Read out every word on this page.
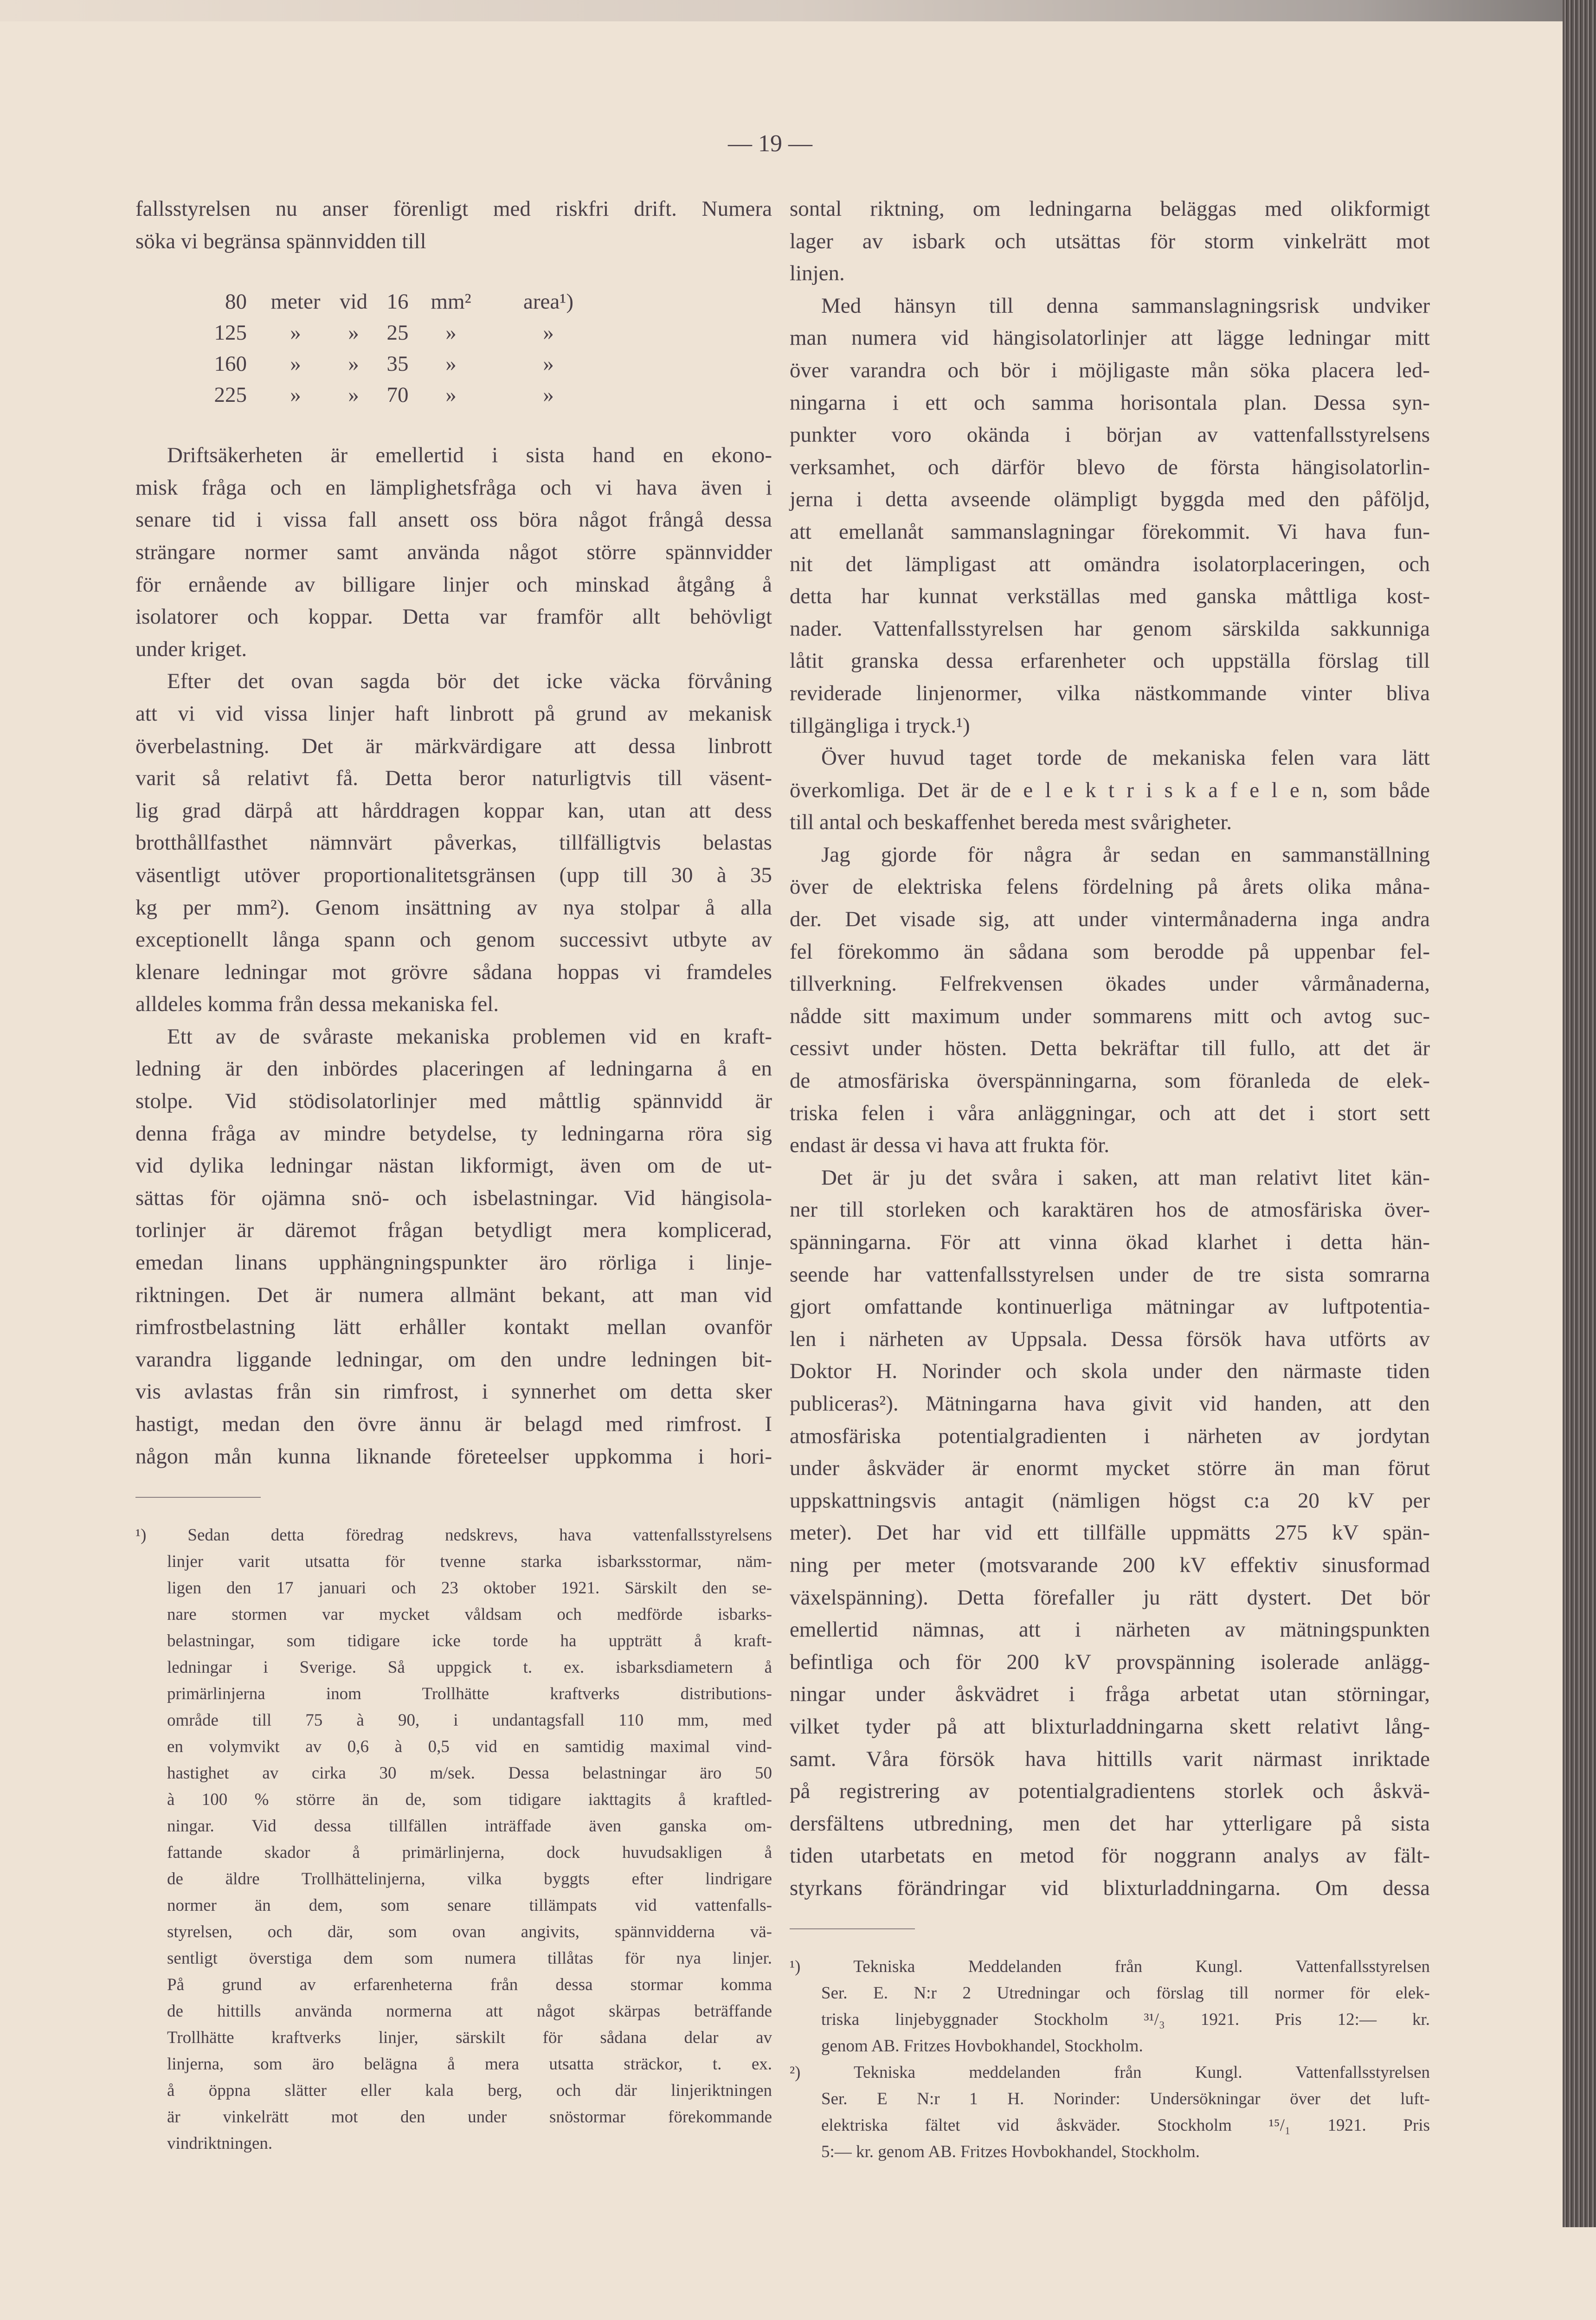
— 19 —
fallsstyrelsen nu anser förenligt med riskfri drift. Numera
söka vi begränsa spännvidden till
80	meter vid 16	mm²	area¹)
125	»	»	25	»	»
160	»	»	35	»	»
225	»	»	70	»	»
Driftsäkerheten är emellertid i sista hand en ekono-
misk fråga och en lämplighetsfråga och vi hava även i
senare tid i vissa fall ansett oss böra något frångå dessa
strängare normer samt använda något större spännvidder
för ernående av billigare linjer och minskad åtgång å
isolatorer och koppar. Detta var framför allt behövligt
under kriget.
Efter det ovan sagda bör det icke väcka förvåning
att vi vid vissa linjer haft linbrott på grund av mekanisk
överbelastning. Det är märkvärdigare att dessa linbrott
varit så relativt få. Detta beror naturligtvis till väsent-
lig grad därpå att hårddragen koppar kan, utan att dess
brotthållfasthet nämnvärt påverkas, tillfälligtvis belastas
väsentligt utöver proportionalitetsgränsen (upp till 30 à 35
kg per mm²). Genom insättning av nya stolpar å alla
exceptionellt långa spann och genom successivt utbyte av
klenare ledningar mot grövre sådana hoppas vi framdeles
alldeles komma från dessa mekaniska fel.
Ett av de svåraste mekaniska problemen vid en kraft-
ledning är den inbördes placeringen af ledningarna å en
stolpe. Vid stödisolatorlinjer med måttlig spännvidd är
denna fråga av mindre betydelse, ty ledningarna röra sig
vid dylika ledningar nästan likformigt, även om de ut-
sättas för ojämna snö- och isbelastningar. Vid hängisola-
torlinjer är däremot frågan betydligt mera komplicerad,
emedan linans upphängningspunkter äro rörliga i linje-
riktningen. Det är numera allmänt bekant, att man vid
rimfrostbelastning lätt erhåller kontakt mellan ovanför
varandra liggande ledningar, om den undre ledningen bit-
vis avlastas från sin rimfrost, i synnerhet om detta sker
hastigt, medan den övre ännu är belagd med rimfrost. I
någon mån kunna liknande företeelser uppkomma i hori-
¹) Sedan detta föredrag nedskrevs, hava vattenfallsstyrelsens
linjer varit utsatta för tvenne starka isbarksstormar, näm-
ligen den 17 januari och 23 oktober 1921. Särskilt den se-
nare stormen var mycket våldsam och medförde isbarks-
belastningar, som tidigare icke torde ha uppträtt å kraft-
ledningar i Sverige. Så uppgick t. ex. isbarksdiametern å
primärlinjerna inom Trollhätte kraftverks distributions-
område till 75 à 90, i undantagsfall 110 mm, med
en volymvikt av 0,6 à 0,5 vid en samtidig maximal vind-
hastighet av cirka 30 m/sek. Dessa belastningar äro 50
à 100 % större än de, som tidigare iakttagits å kraftled-
ningar. Vid dessa tillfällen inträffade även ganska om-
fattande skador å primärlinjerna, dock huvudsakligen å
de äldre Trollhättelinjerna, vilka byggts efter lindrigare
normer än dem, som senare tillämpats vid vattenfalls-
styrelsen, och där, som ovan angivits, spännvidderna vä-
sentligt överstiga dem som numera tillåtas för nya linjer.
På grund av erfarenheterna från dessa stormar komma
de hittills använda normerna att något skärpas beträffande
Trollhätte kraftverks linjer, särskilt för sådana delar av
linjerna, som äro belägna å mera utsatta sträckor, t. ex.
å öppna slätter eller kala berg, och där linjeriktningen
är vinkelrätt mot den under snöstormar förekommande
vindriktningen.
sontal riktning, om ledningarna beläggas med olikformigt
lager av isbark och utsättas för storm vinkelrätt mot
linjen.
Med hänsyn till denna sammanslagningsrisk undviker
man numera vid hängisolatorlinjer att lägge ledningar mitt
över varandra och bör i möjligaste mån söka placera led-
ningarna i ett och samma horisontala plan. Dessa syn-
punkter voro okända i början av vattenfallsstyrelsens
verksamhet, och därför blevo de första hängisolatorlin-
jerna i detta avseende olämpligt byggda med den påföljd,
att emellanåt sammanslagningar förekommit. Vi hava fun-
nit det lämpligast att omändra isolatorplaceringen, och
detta har kunnat verkställas med ganska måttliga kost-
nader. Vattenfallsstyrelsen har genom särskilda sakkunniga
låtit granska dessa erfarenheter och uppställa förslag till
reviderade linjenormer, vilka nästkommande vinter bliva
tillgängliga i tryck.¹)
Över huvud taget torde de mekaniska felen vara lätt
överkomliga. Det är de e l e k t r i s k a f e l e n, som både
till antal och beskaffenhet bereda mest svårigheter.
Jag gjorde för några år sedan en sammanställning
över de elektriska felens fördelning på årets olika måna-
der. Det visade sig, att under vintermånaderna inga andra
fel förekommo än sådana som berodde på uppenbar fel-
tillverkning. Felfrekvensen ökades under vårmånaderna,
nådde sitt maximum under sommarens mitt och avtog suc-
cessivt under hösten. Detta bekräftar till fullo, att det är
de atmosfäriska överspänningarna, som föranleda de elek-
triska felen i våra anläggningar, och att det i stort sett
endast är dessa vi hava att frukta för.
Det är ju det svåra i saken, att man relativt litet kän-
ner till storleken och karaktären hos de atmosfäriska över-
spänningarna. För att vinna ökad klarhet i detta hän-
seende har vattenfallsstyrelsen under de tre sista somrarna
gjort omfattande kontinuerliga mätningar av luftpotentia-
len i närheten av Uppsala. Dessa försök hava utförts av
Doktor H. Norinder och skola under den närmaste tiden
publiceras²). Mätningarna hava givit vid handen, att den
atmosfäriska potentialgradienten i närheten av jordytan
under åskväder är enormt mycket större än man förut
uppskattningsvis antagit (nämligen högst c:a 20 kV per
meter). Det har vid ett tillfälle uppmätts 275 kV spän-
ning per meter (motsvarande 200 kV effektiv sinusformad
växelspänning). Detta förefaller ju rätt dystert. Det bör
emellertid nämnas, att i närheten av mätningspunkten
befintliga och för 200 kV provspänning isolerade anlägg-
ningar under åskvädret i fråga arbetat utan störningar,
vilket tyder på att blixturladdningarna skett relativt lång-
samt. Våra försök hava hittills varit närmast inriktade
på registrering av potentialgradientens storlek och åskvä-
dersfältens utbredning, men det har ytterligare på sista
tiden utarbetats en metod för noggrann analys av fält-
styrkans förändringar vid blixturladdningarna. Om dessa
¹) Tekniska Meddelanden från Kungl. Vattenfallsstyrelsen
Ser. E. N:r 2 Utredningar och förslag till normer för elek-
triska linjebyggnader Stockholm ³¹/₃ 1921. Pris 12:— kr.
genom AB. Fritzes Hovbokhandel, Stockholm.
²) Tekniska meddelanden från Kungl. Vattenfallsstyrelsen
Ser. E N:r 1 H. Norinder: Undersökningar över det luft-
elektriska fältet vid åskväder. Stockholm ¹⁵/₁ 1921. Pris
5:— kr. genom AB. Fritzes Hovbokhandel, Stockholm.
